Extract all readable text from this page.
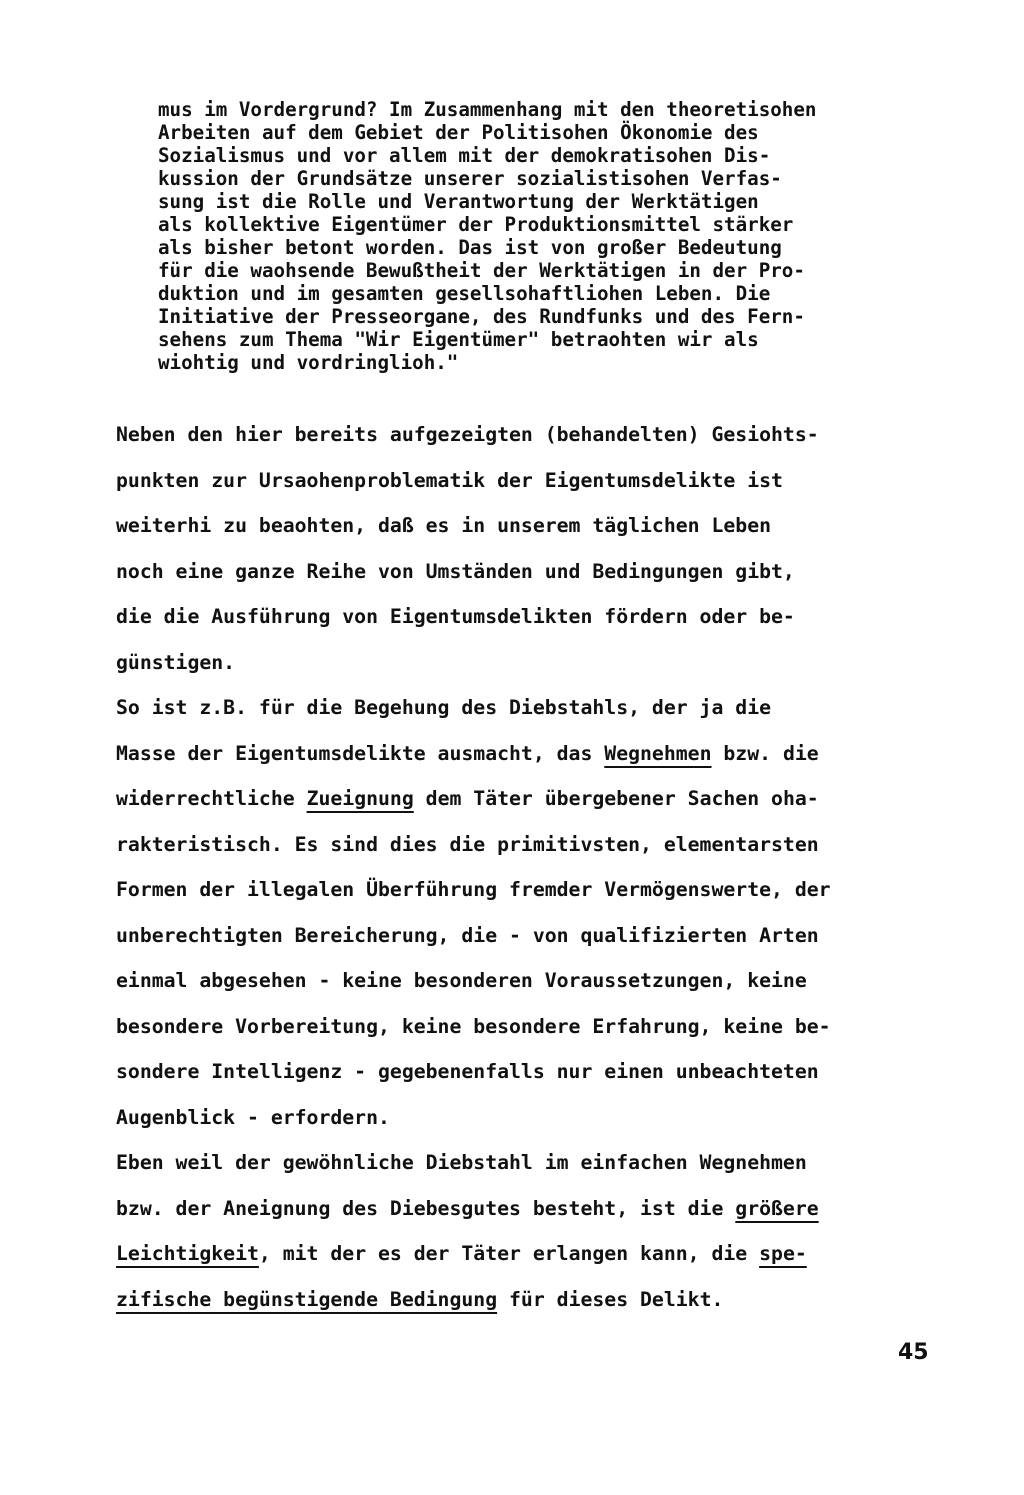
mus im Vordergrund? Im Zusammenhang mit den theoretisohen
Arbeiten auf dem Gebiet der Politisohen Ökonomie des
Sozialismus und vor allem mit der demokratisohen Dis-
kussion der Grundsätze unserer sozialistisohen Verfas-
sung ist die Rolle und Verantwortung der Werktätigen
als kollektive Eigentümer der Produktionsmittel stärker
als bisher betont worden. Das ist von großer Bedeutung
für die waohsende Bewußtheit der Werktätigen in der Pro-
duktion und im gesamten gesellsohaftliohen Leben. Die
Initiative der Presseorgane, des Rundfunks und des Fern-
sehens zum Thema "Wir Eigentümer" betraohten wir als
wiohtig und vordringlioh."
Neben den hier bereits aufgezeigten (behandelten) Gesiohts-
punkten zur Ursaohenproblematik der Eigentumsdelikte ist
weiterhi zu beaohten, daß es in unserem täglichen Leben
noch eine ganze Reihe von Umständen und Bedingungen gibt,
die die Ausführung von Eigentumsdelikten fördern oder be-
günstigen.
So ist z.B. für die Begehung des Diebstahls, der ja die
Masse der Eigentumsdelikte ausmacht, das Wegnehmen bzw. die
widerrechtliche Zueignung dem Täter übergebener Sachen oha-
rakteristisch. Es sind dies die primitivsten, elementarsten
Formen der illegalen Überführung fremder Vermögenswerte, der
unberechtigten Bereicherung, die - von qualifizierten Arten
einmal abgesehen - keine besonderen Voraussetzungen, keine
besondere Vorbereitung, keine besondere Erfahrung, keine be-
sondere Intelligenz - gegebenenfalls nur einen unbeachteten
Augenblick - erfordern.
Eben weil der gewöhnliche Diebstahl im einfachen Wegnehmen
bzw. der Aneignung des Diebesgutes besteht, ist die größere
Leichtigkeit, mit der es der Täter erlangen kann, die spe-
zifische begünstigende Bedingung für dieses Delikt.
45
